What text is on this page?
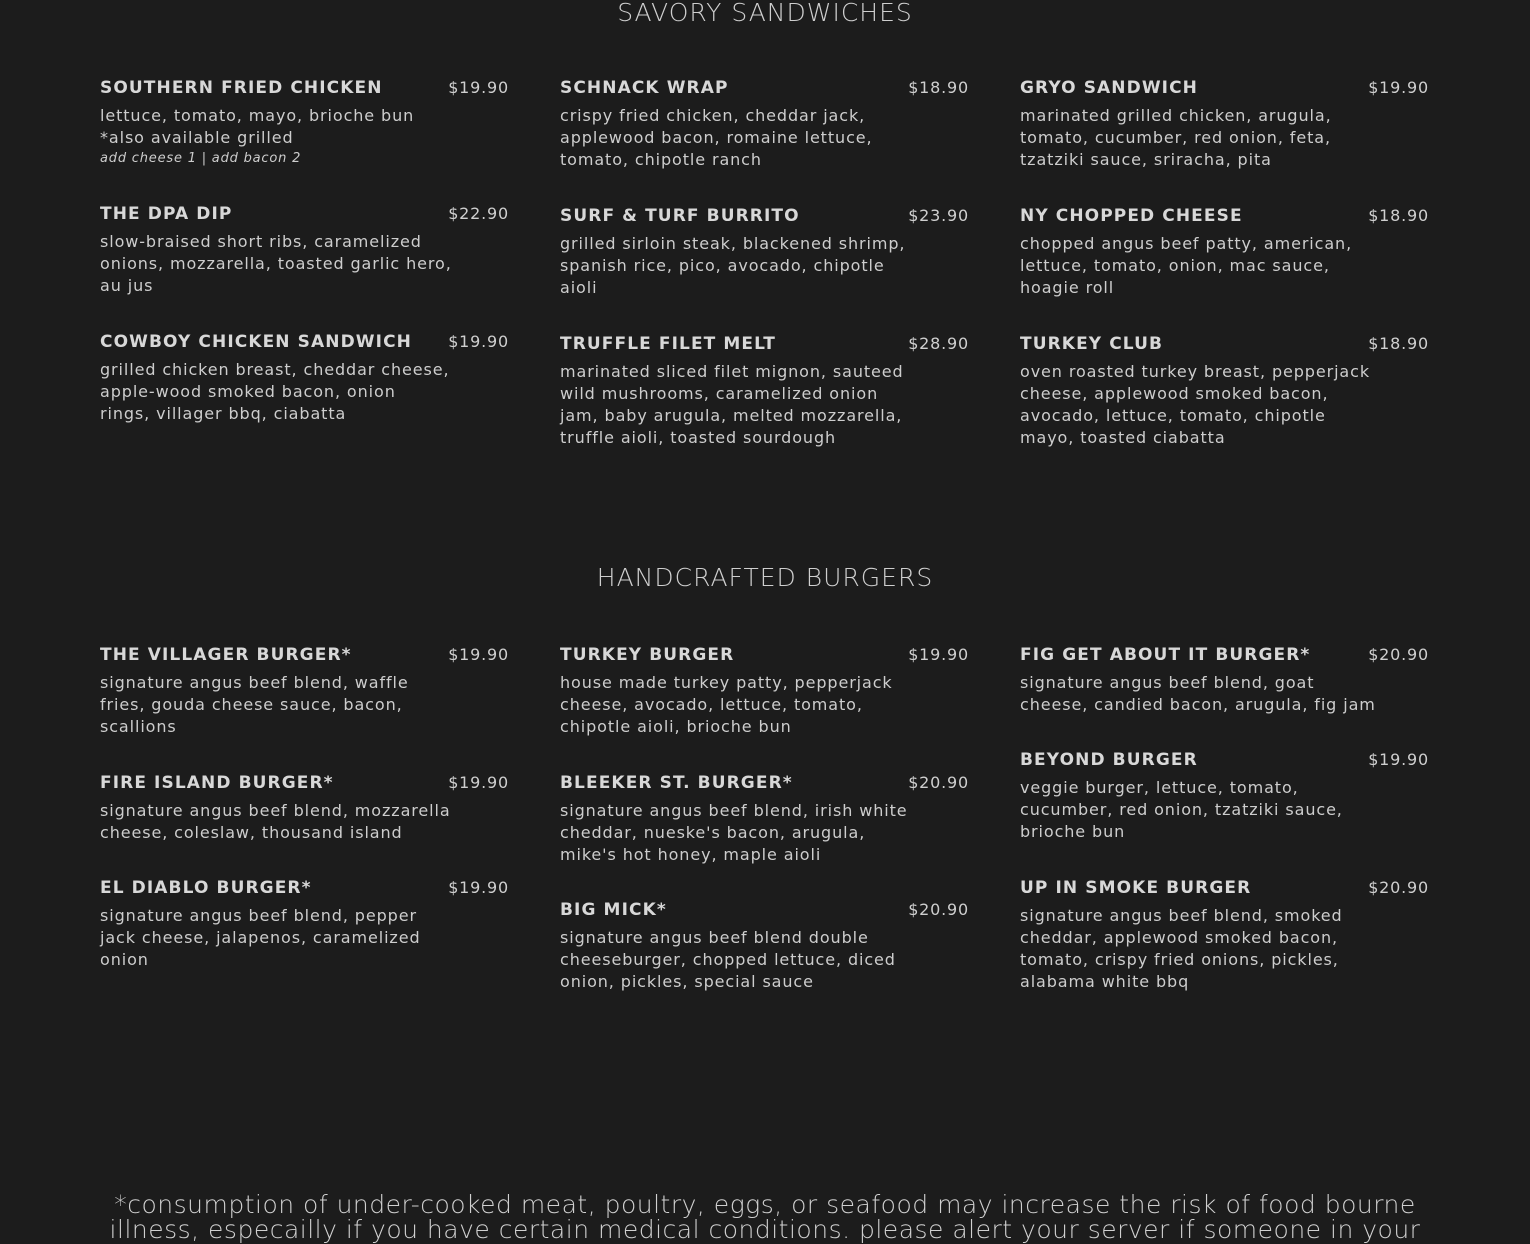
SAVORY SANDWICHES
SOUTHERN FRIED CHICKEN	$19.90
lettuce, tomato, mayo, brioche bun
*also available grilled
add cheese 1 | add bacon 2
THE DPA DIP	$22.90
slow-braised short ribs, caramelized
onions, mozzarella, toasted garlic hero,
au jus
COWBOY CHICKEN SANDWICH $19.90
grilled chicken breast, cheddar cheese,
apple-wood smoked bacon, onion
rings, villager bbq, ciabatta
SCHNACK WRAP	$18.90
crispy fried chicken, cheddar jack,
applewood bacon, romaine lettuce,
tomato, chipotle ranch
SURF & TURF BURRITO	$23.90
grilled sirloin steak, blackened shrimp,
spanish rice, pico, avocado, chipotle
aioli
TRUFFLE FILET MELT	$28.90
marinated sliced filet mignon, sauteed
wild mushrooms, caramelized onion
jam, baby arugula, melted mozzarella,
truffle aioli, toasted sourdough
GRYO SANDWICH	$19.90
marinated grilled chicken, arugula,
tomato, cucumber, red onion, feta,
tzatziki sauce, sriracha, pita
NY CHOPPED CHEESE	$18.90
chopped angus beef patty, american,
lettuce, tomato, onion, mac sauce,
hoagie roll
TURKEY CLUB	$18.90
oven roasted turkey breast, pepperjack
cheese, applewood smoked bacon,
avocado, lettuce, tomato, chipotle
mayo, toasted ciabatta
HANDCRAFTED BURGERS
THE VILLAGER BURGER*	$19.90
signature angus beef blend, waffle
fries, gouda cheese sauce, bacon,
scallions
FIRE ISLAND BURGER*	$19.90
signature angus beef blend, mozzarella
cheese, coleslaw, thousand island
EL DIABLO BURGER*	$19.90
signature angus beef blend, pepper
jack cheese, jalapenos, caramelized
onion
TURKEY BURGER	$19.90
house made turkey patty, pepperjack
cheese, avocado, lettuce, tomato,
chipotle aioli, brioche bun
BLEEKER ST. BURGER*	$20.90
signature angus beef blend, irish white
cheddar, nueske's bacon, arugula,
mike's hot honey, maple aioli
BIG MICK*	$20.90
signature angus beef blend double
cheeseburger, chopped lettuce, diced
onion, pickles, special sauce
FIG GET ABOUT IT BURGER*	$20.90
signature angus beef blend, goat
cheese, candied bacon, arugula, fig jam
BEYOND BURGER	$19.90
veggie burger, lettuce, tomato,
cucumber, red onion, tzatziki sauce,
brioche bun
UP IN SMOKE BURGER	$20.90
signature angus beef blend, smoked
cheddar, applewood smoked bacon,
tomato, crispy fried onions, pickles,
alabama white bbq
*consumption of under-cooked meat, poultry, eggs, or seafood may increase the risk of food bourne
illness, especailly if you have certain medical conditions. please alert your server if someone in your
